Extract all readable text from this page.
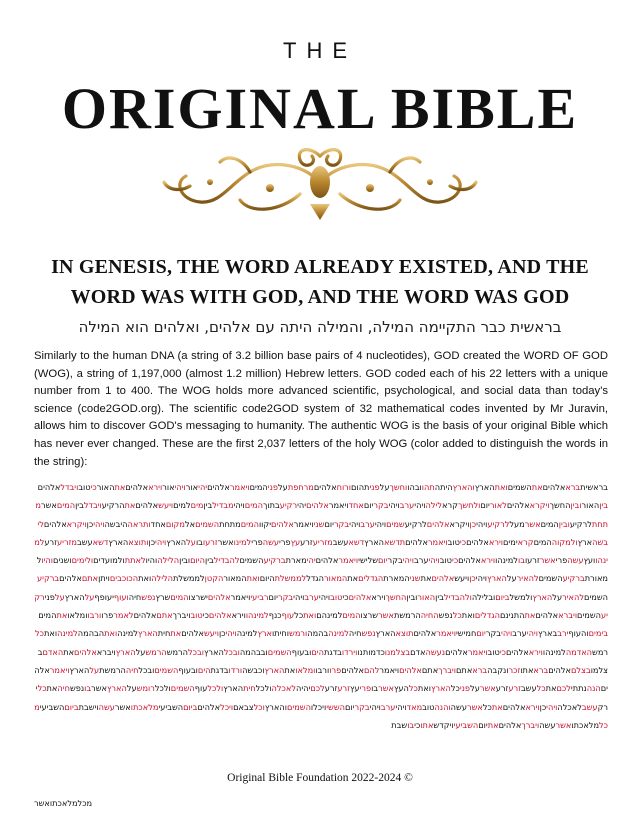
THE
ORIGINAL BIBLE
IN GENESIS, THE WORD ALREADY EXISTED, AND THE
WORD WAS WITH GOD, AND THE WORD WAS GOD
בראשית כבר התקיימה המילה, והמילה היתה עם אלהים, ואלהים הוא המילה
Similarly to the human DNA (a string of 3.2 billion base pairs of 4 nucleotides), GOD created the WORD OF GOD (WOG), a string of 1,197,000 (almost 1.2 million) Hebrew letters. GOD coded each of his 22 letters with a unique number from 1 to 400. The WOG holds more advanced scientific, psychological, and social data than today's science (code2GOD.org). The scientific code2GOD system of 32 mathematical codes invented by Mr Juravin, allows him to discover GOD's messaging to humanity. The authentic WOG is the basis of your original Bible which has never ever changed. These are the first 2,037 letters of the holy WOG (color added to distinguish the words in the string):
בראשיתבראאלהיםאתהשמיםואתהארץוהארץהיתהתהוובהווחשךעלפניתהוםורוחאלהיםמרחפתעלפניהמיםויאמראלהיםיהיאורויהיאורויראאלהיםאתהאורכיטובויבדלאלהיםביןהאורוביןהחשךויקראאלהיםלאוריוםולחשךקראלילהויהיערבויהיבקריוםאחדויאמראלהיםיהירקיעבתוךהמיםויהימבדילביןמיםלמיםויעשאלהיםאתהרקיעויבדלביןהמיםאשרמתחתלרקיעוביןהמיםאשרמעללרקיעויהיכןויקראאלהיםלרקיעשמיםויהיערבויהיבקריוםשניויאמראלהיםיקווהמיםמתחתהשמיםאלמקוםאחדותראההיבשהויהיכןויקראאלהיםליבשהארץולמקוההמיםקראימיםויראאלהיםכיטובויאמראלהיםתדשאהארץדשאעשבמזריעזרעעץפריעשהפרילמינואשרזרעובועלהארץויהיכןותוצאהארץדשאעשבמזריעזרעלמינהוועץעשהפריאשרזרעובולמינהוויראאלהיםכיטובויהיערבויהיבקריוםשלישיויאמראלהיםיהימארתברקיעהשמיםלהבדילביןהיוםוביןהלילהוהיולאתתולמועדיםולימיםושניםוהיולמאורתברקיעהשמיםלהאירעלהארץויהיכןויעשאלהיםאתשניהמארתהגדליםאתהמאורהגדללממשלתהיוםואתהמאורהקטןלממשלתהלילהואתהכוכביםויתןאתםאלהיםברקיעהשמיםלהאירעלהארץולמשלביוםובלילהולהבדילביןהאורוביןהחשךויראאלהיםכיטובויהיערבויהיבקריוםרביעיויאמראלהיםישרצוהמיםשרץנפשחיהועוףיעופףעלהארץעלפנירקיעהשמיםויבראאלהיםאתהתנינםהגדליםואתכלנפשהחיההרמשתאשרשרצוהמיםלמינהםואתכלעוףכנףלמינהוויראאלהיםכיטובויברךאתםאלהיםלאמרפרוורבוומלאואתהמיםבימיםוהעוףירבבארץויהיערבויהיבקריוםחמישיויאמראלהיםתוצאהארץנפשחיהלמינהבהמהורמשוחיתוארץלמינהויהיכןויעשאלהיםאתחיתהארץלמינהואתהבהמהלמינהואתכלרמשהאדמהלמינהוויראאלהיםכיטובויאמראלהיםנעשהאדםבצלמנוכדמותנווירדובדגתהיםובעוףהשמיםובבהמהובכלהארץובכלהרמשהרמשעלהארץויבראאלהיםאתהאדםבצלמובצלםאלהיםבראאתוזכרונקבהבראאתםויברךאתםאלהיםויאמרלהםאלהיםפרוורבוומלאואתהארץוכבשהורדובדגתהיםובעוףהשמיםובכלחיההרמשתעלהארץויאמראלהיםהנהנתתילכםאתכלעשבזרעזרעאשרעלפניכלהארץואתכלהעץאשרבופריעץזרעזרעלכםיהיהלאכלהולכלחיתהארץולכלעוףהשמיםולכלרומשעלהארץאשרבונפשחיהאתכלירקעשבלאכלהויהיכןויראאלהיםאתכלאשרעשהוהנהטובמאדויהיערבויהיבקריוםהששיויכלוהשמיםוהארץוכלצבאםויכלאלהיםביוםהשביעימלאכתואשרעשהוישבתביוםהשביעימכלמלאכתואשרעשהויברךאלהיםאתיוםהשביעיויקדשאתוכיבושבת
Original Bible Foundation 2022-2024 ©
מכלמלאכתואשר
